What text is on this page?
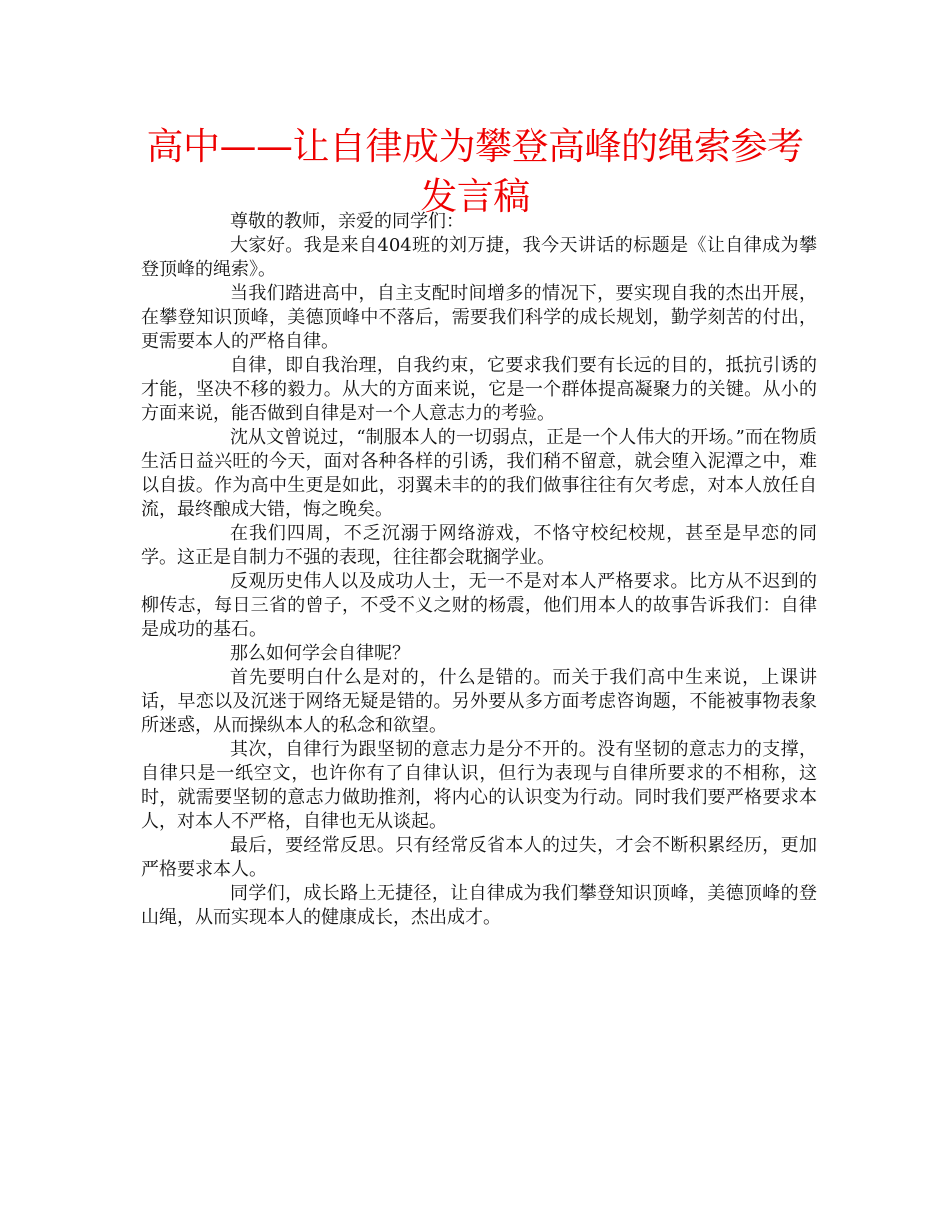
高中——让自律成为攀登高峰的绳索参考发言稿

尊敬的教师，亲爱的同学们：

大家好。我是来自404班的刘万捷，我今天讲话的标题是《让自律成为攀登顶峰的绳索》。

当我们踏进高中，自主支配时间增多的情况下，要实现自我的杰出开展，在攀登知识顶峰，美德顶峰中不落后，需要我们科学的成长规划，勤学刻苦的付出，更需要本人的严格自律。

自律，即自我治理，自我约束，它要求我们要有长远的目的，抵抗引诱的才能，坚决不移的毅力。从大的方面来说，它是一个群体提高凝聚力的关键。从小的方面来说，能否做到自律是对一个人意志力的考验。

沈从文曾说过，“制服本人的一切弱点，正是一个人伟大的开场。”而在物质生活日益兴旺的今天，面对各种各样的引诱，我们稍不留意，就会堕入泥潭之中，难以自拔。作为高中生更是如此，羽翼未丰的的我们做事往往有欠考虑，对本人放任自流，最终酿成大错，悔之晚矣。

在我们四周，不乏沉溺于网络游戏，不恪守校纪校规，甚至是早恋的同学。这正是自制力不强的表现，往往都会耽搁学业。

反观历史伟人以及成功人士，无一不是对本人严格要求。比方从不迟到的柳传志，每日三省的曾子，不受不义之财的杨震，他们用本人的故事告诉我们：自律是成功的基石。

那么如何学会自律呢？

首先要明白什么是对的，什么是错的。而关于我们高中生来说，上课讲话，早恋以及沉迷于网络无疑是错的。另外要从多方面考虑咨询题，不能被事物表象所迷惑，从而操纵本人的私念和欲望。

其次，自律行为跟坚韧的意志力是分不开的。没有坚韧的意志力的支撑，自律只是一纸空文，也许你有了自律认识，但行为表现与自律所要求的不相称，这时，就需要坚韧的意志力做助推剂，将内心的认识变为行动。同时我们要严格要求本人，对本人不严格，自律也无从谈起。

最后，要经常反思。只有经常反省本人的过失，才会不断积累经历，更加严格要求本人。

同学们，成长路上无捷径，让自律成为我们攀登知识顶峰，美德顶峰的登山绳，从而实现本人的健康成长，杰出成才。
